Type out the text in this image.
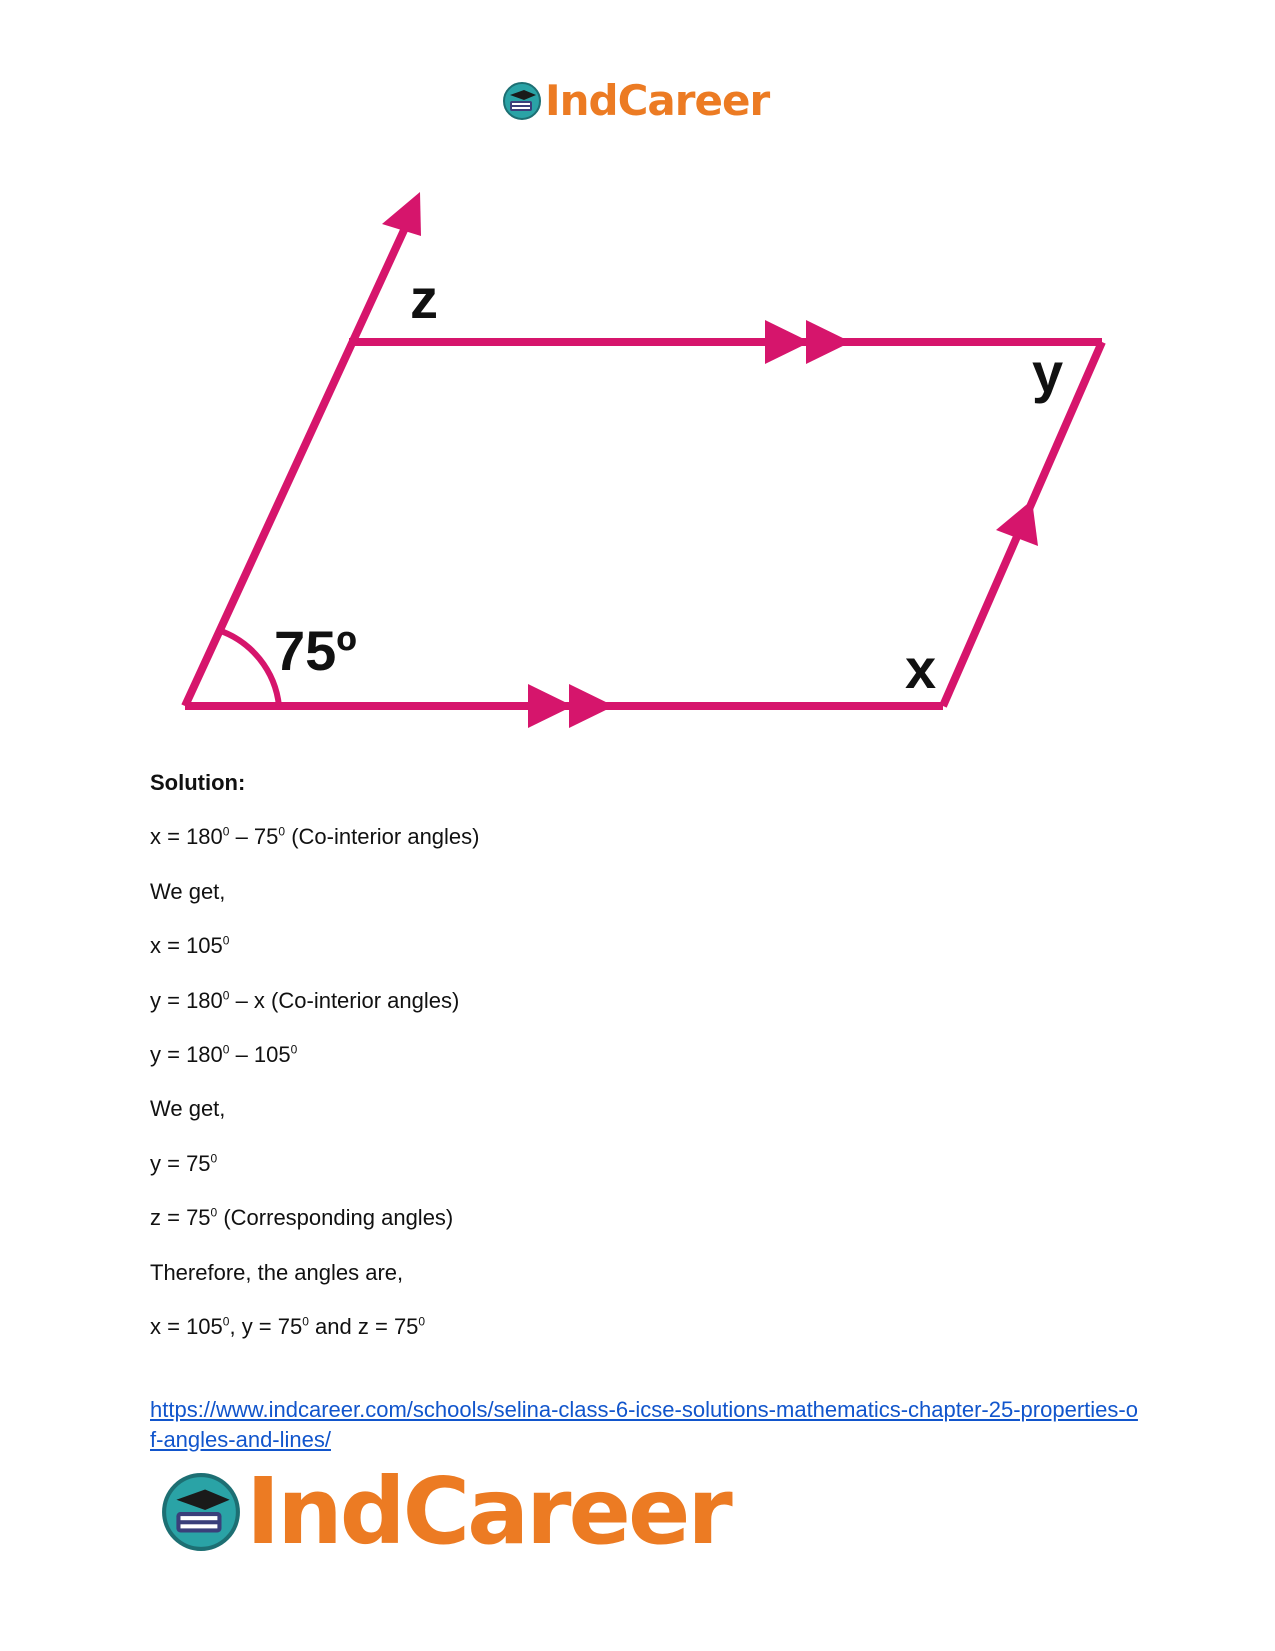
IndCareer
z
y
x
75º
Solution:
$x = 180^0 - 75^0$ (Co-interior angles)
We get,
$x = 105^0$
$y = 180^0 - x$ (Co-interior angles)
$y = 180^0 - 105^0$
We get,
$y = 75^0$
$z = 75^0$ (Corresponding angles)
Therefore, the angles are,
$x = 105^0$, $y = 75^0$ and $z = 75^0$
https://www.indcareer.com/schools/selina-class-6-icse-solutions-mathematics-chapter-25-properties-of-angles-and-lines/
IndCareer
